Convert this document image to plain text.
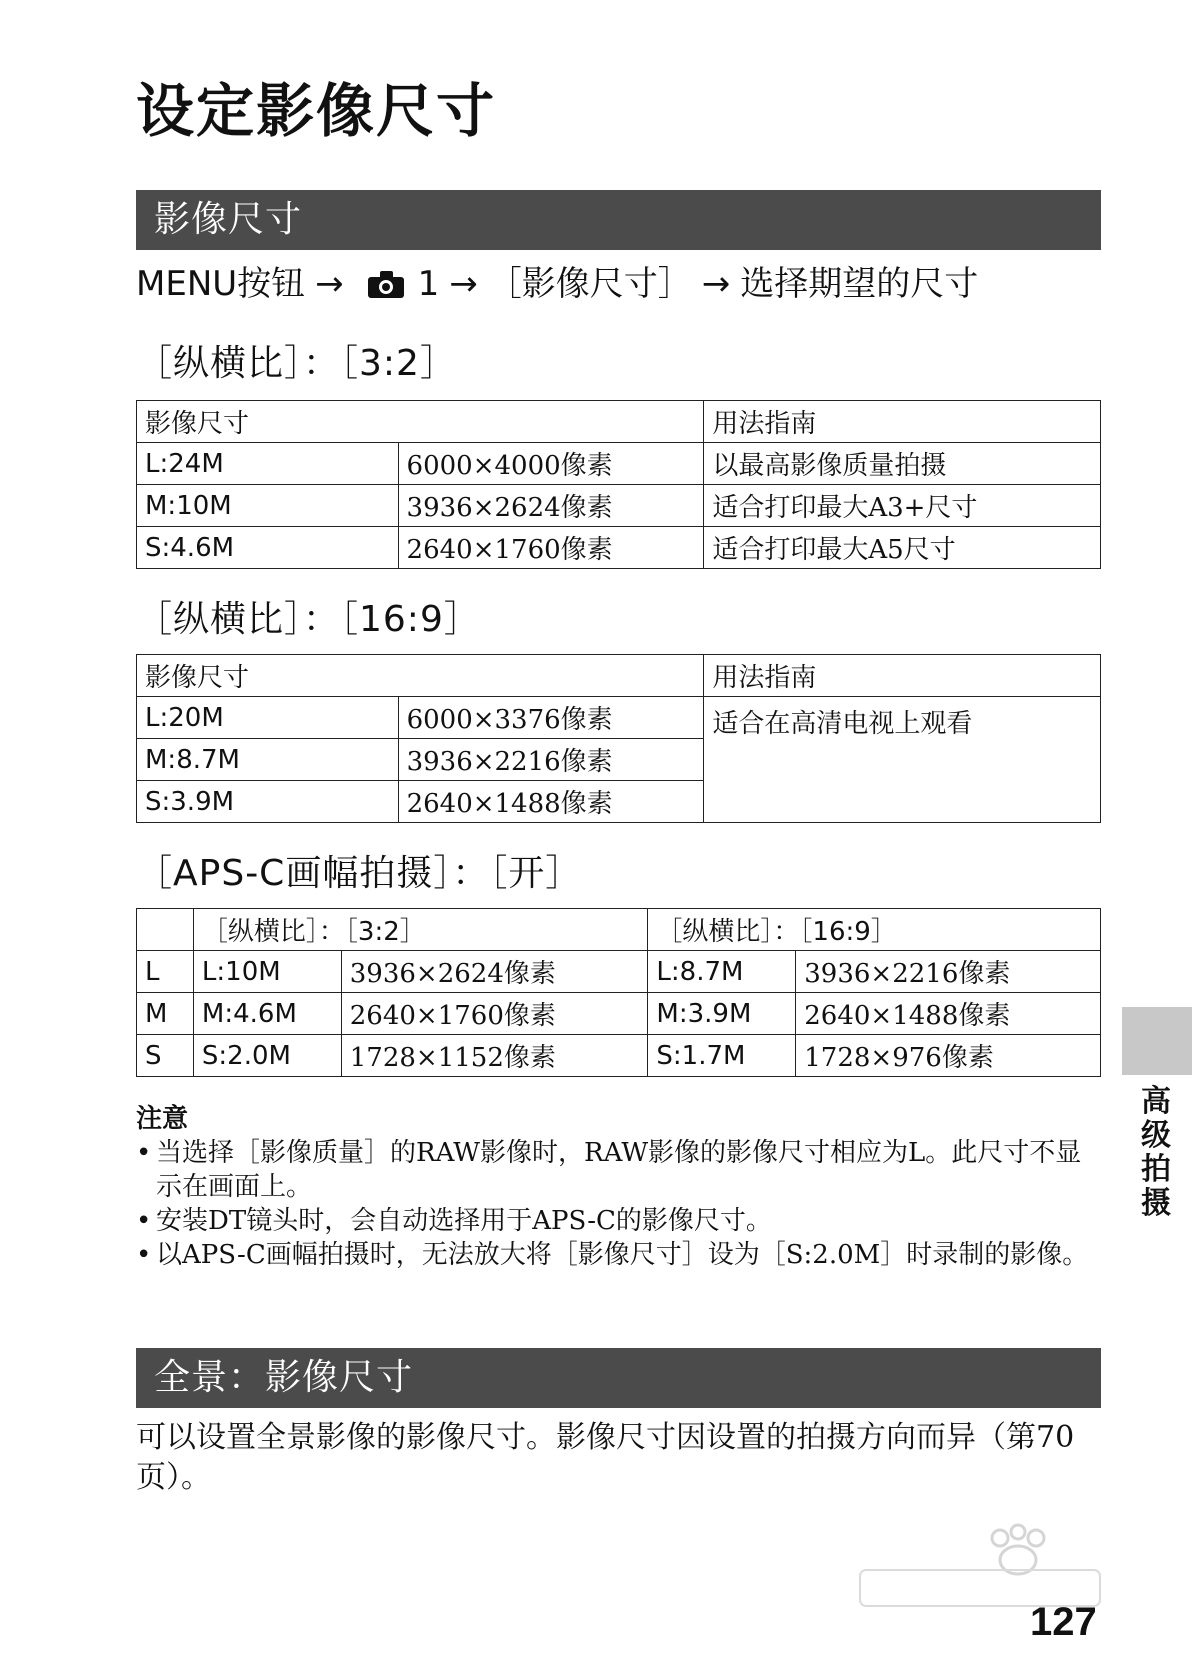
设定影像尺寸
影像尺寸
MENU按钮 → 1 → ［影像尺寸］ → 选择期望的尺寸
［纵横比］：［3:2］
影像尺寸		用法指南
L:24M	6000×4000像素	以最高影像质量拍摄
M:10M	3936×2624像素	适合打印最大A3+尺寸
S:4.6M	2640×1760像素	适合打印最大A5尺寸
［纵横比］：［16:9］
影像尺寸		用法指南
L:20M	6000×3376像素	适合在高清电视上观看
M:8.7M	3936×2216像素	
S:3.9M	2640×1488像素	
［APS-C画幅拍摄］：［开］
	［纵横比］：［3:2］		［纵横比］：［16:9］	
L	L:10M	3936×2624像素	L:8.7M	3936×2216像素
M	M:4.6M	2640×1760像素	M:3.9M	2640×1488像素
S	S:2.0M	1728×1152像素	S:1.7M	1728×976像素
注意
• 当选择［影像质量］的RAW影像时，RAW影像的影像尺寸相应为L。此尺寸不显示在画面上。
• 安装DT镜头时，会自动选择用于APS-C的影像尺寸。
• 以APS-C画幅拍摄时，无法放大将［影像尺寸］设为［S:2.0M］时录制的影像。
全景：影像尺寸
可以设置全景影像的影像尺寸。影像尺寸因设置的拍摄方向而异（第70页）。
高
级
拍
摄
127
